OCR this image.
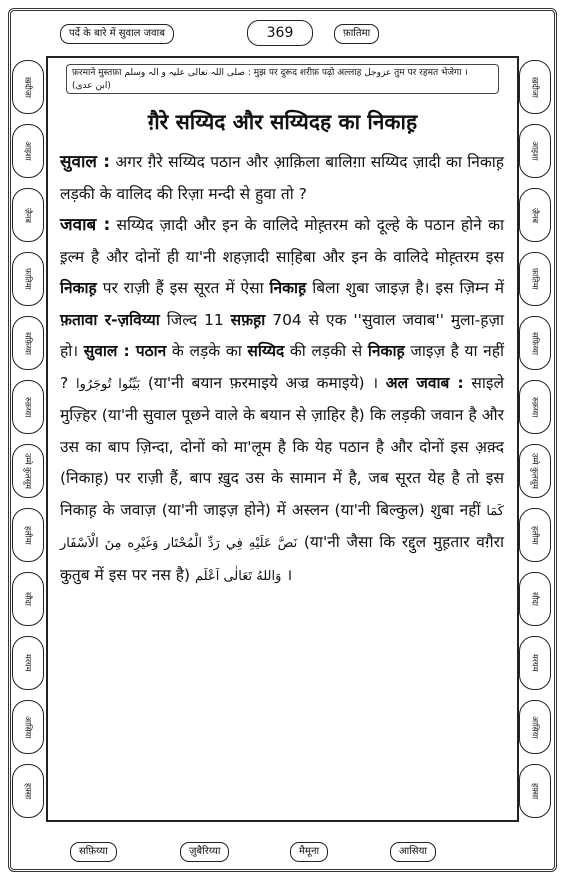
पर्दे के बारे में सुवाल जवाब	369	फ़ातिमा
ख़दीजा
आइशा
ज़ैनब
फ़ातिमा
सफ़िय्या
रुक़य्या
उम्मे कुलसूम
हलीमा
सौदा
मरयम
आसिया
हफ़्सा
ख़दीजा
आइशा
ज़ैनब
फ़ातिमा
सफ़िय्या
रुक़य्या
उम्मे कुलसूम
हलीमा
सौदा
मरयम
आसिया
हफ़्सा
फ़रमाने मुस्तफ़ा صلی اللہ تعالی علیہ و الہ وسلم : मुझ पर दुरूद शरीफ़ पढ़ो अल्लाह عزوجل तुम पर रहमत भेजेगा ।
(ابن عدی)
ग़ैरे सय्यिद और सय्यिदह का निकाह़

सुवाल : अगर ग़ैरे सय्यिद पठान और आ़क़िला बालिग़ा सय्यिद ज़ादी का निकाह़ लड़की के वालिद की रिज़ा मन्दी से हुवा तो ?

जवाब : सय्यिद ज़ादी और इन के वालिदे मोह़्तरम को दूल्हे के पठान होने का इ़ल्म है और दोनों ही या'नी शहज़ादी साहि़बा और इन के वालिदे मोह़्तरम इस निकाह़ पर राज़ी हैं इस सूरत में ऐसा निकाह़ बिला शुबा जाइज़ है। इस ज़िम्न में फ़तावा र-ज़विय्या जिल्द 11 सफ़ह़ा 704 से एक ''सुवाल जवाब'' मुला-ह़ज़ा हो। सुवाल : पठान के लड़के का सय्यिद की लड़की से निकाह़ जाइज़ है या नहीं ? بَيِّنُوا تُوجَرُوا (या'नी बयान फ़रमाइये अज्र कमाइये) । अल जवाब : साइले मुज़्हिर (या'नी सुवाल पूछने वाले के बयान से ज़ाहिर है) कि लड़की जवान है और उस का बाप ज़िन्दा, दोनों को मा'लूम है कि येह पठान है और दोनों इस अ़क़्द (निकाह़) पर राज़ी हैं, बाप ख़ुद उस के सामान में है, जब सूरत येह है तो इस निकाह़ के जवाज़ (या'नी जाइज़ होने) में अस्लन (या'नी बिल्कुल) शुबा नहीं كَمَا نَصَّ عَلَيْهِ فِي رَدِّ الْمُحْتَار وَغَيْرِه مِنَ الْاَسْفَار (या'नी जैसा कि रद्दुल मुह़तार वग़ैरा कुतुब में इस पर नस है) وَاللهُ تَعَالٰى اَعْلَم ।

सफ़िय्या	ज़ुबैरिय्या	मैमूना	आसिया
